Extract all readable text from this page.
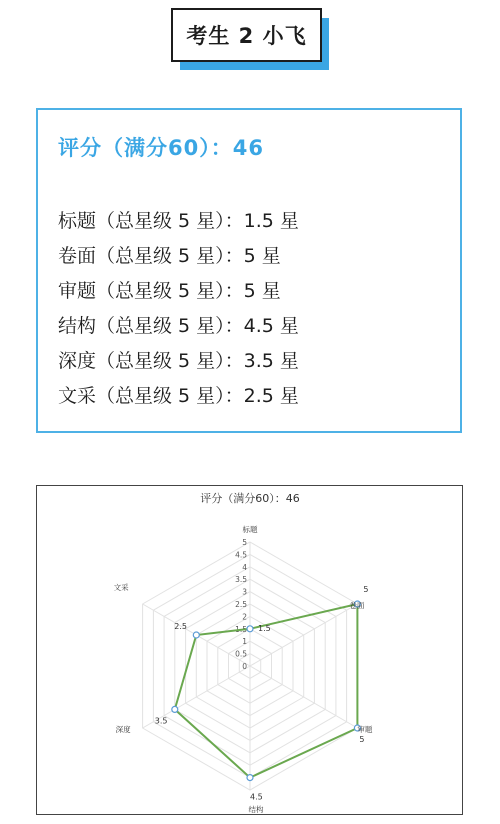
考生 2 小飞
评分（满分60）：46
标题（总星级 5 星）：1.5 星
卷面（总星级 5 星）：5 星
审题（总星级 5 星）：5 星
结构（总星级 5 星）：4.5 星
深度（总星级 5 星）：3.5 星
文采（总星级 5 星）：2.5 星
评分（满分60）：46
0
0.5
1
1.5
2
2.5
3
3.5
4
4.5
5
1.5
标题
5
卷面
5
审题
4.5
结构
3.5
深度
2.5
文采
